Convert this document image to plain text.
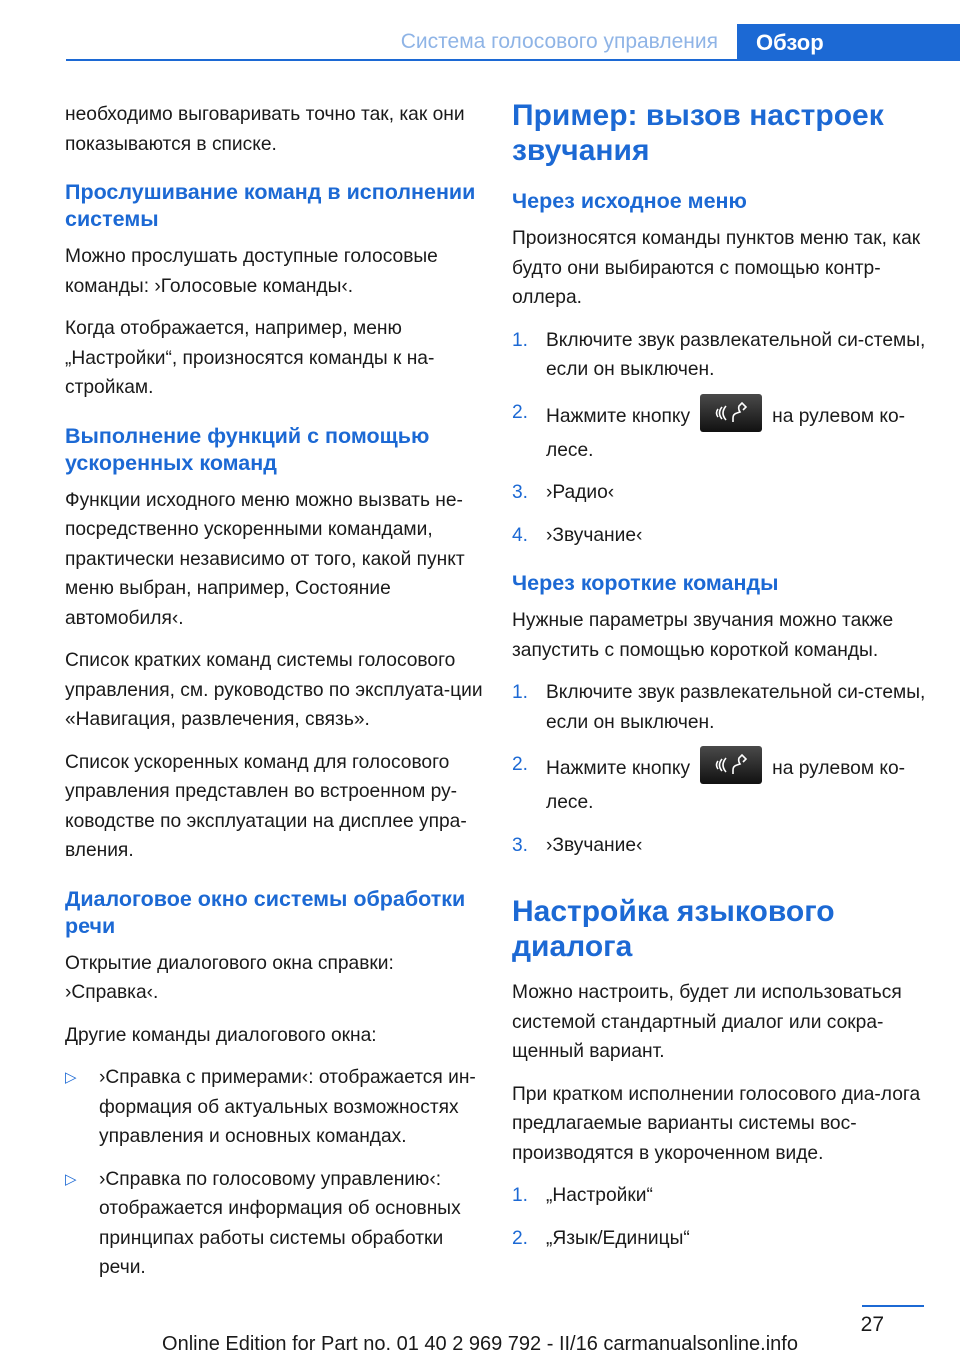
Система голосового управления	Обзор

необходимо выговаривать точно так, как они показываются в списке.

Прослушивание команд в исполнении системы

Можно прослушать доступные голосовые команды: ›Голосовые команды‹.

Когда отображается, например, меню „Настройки“, произносятся команды к на-стройкам.

Выполнение функций с помощью ускоренных команд

Функции исходного меню можно вызвать не-посредственно ускоренными командами, практически независимо от того, какой пункт меню выбран, например, Состояние автомобиля‹.

Список кратких команд системы голосового управления, см. руководство по эксплуата-ции «Навигация, развлечения, связь».

Список ускоренных команд для голосового управления представлен во встроенном ру-ководстве по эксплуатации на дисплее упра-вления.

Диалоговое окно системы обработки речи

Открытие диалогового окна справки: ›Справка‹.

Другие команды диалогового окна:

▷	›Справка с примерами‹: отображается ин-формация об актуальных возможностях управления и основных командах.
▷	›Справка по голосовому управлению‹: отображается информация об основных принципах работы системы обработки речи.
Пример: вызов настроек звучания
Через исходное меню

Произносятся команды пунктов меню так, как будто они выбираются с помощью контр-оллера.

1. Включите звук развлекательной си-стемы, если он выключен.
2. Нажмите кнопку	на рулевом ко-лесе.
3. ›Радио‹
4. ›Звучание‹
Через короткие команды

Нужные параметры звучания можно также запустить с помощью короткой команды.

1. Включите звук развлекательной си-стемы, если он выключен.
2. Нажмите кнопку	на рулевом ко-лесе.
3. ›Звучание‹
Настройка языкового диалога

Можно настроить, будет ли использоваться системой стандартный диалог или сокра-щенный вариант.

При кратком исполнении голосового диа-лога предлагаемые варианты системы вос-производятся в укороченном виде.

1. „Настройки“
2. „Язык/Единицы“
27
Online Edition for Part no. 01 40 2 969 792 - II/16 carmanualsonline.info
